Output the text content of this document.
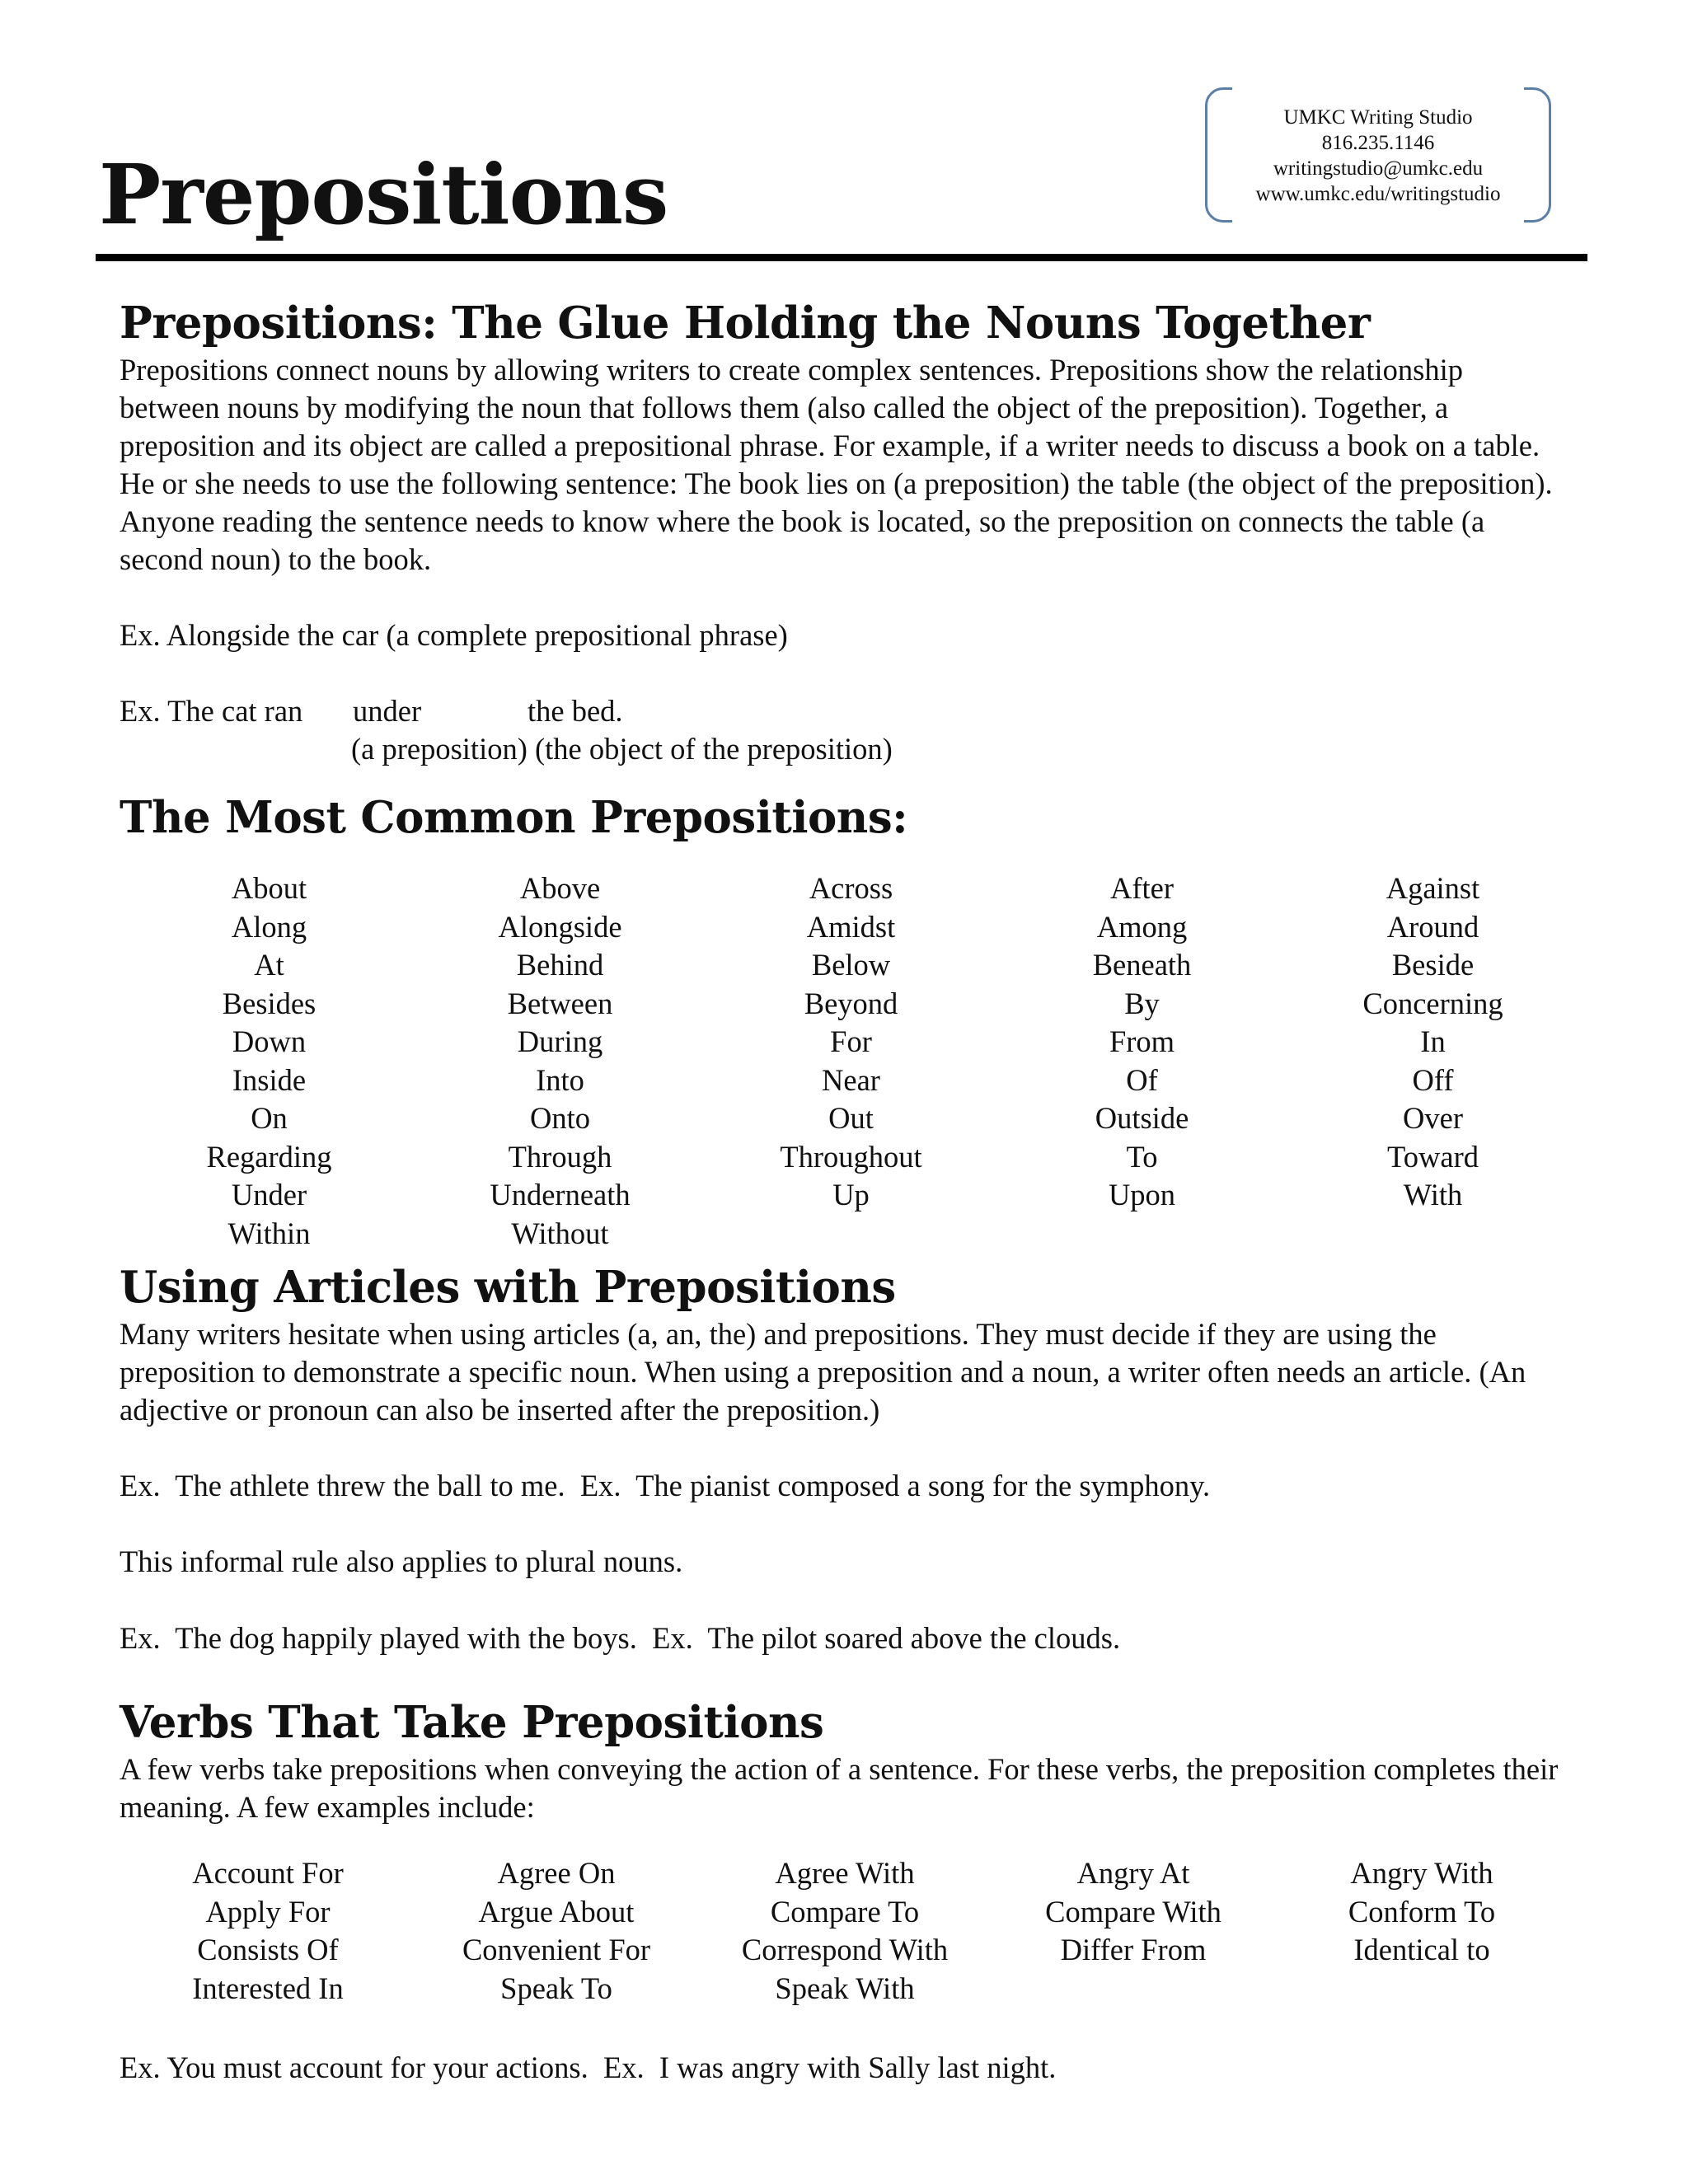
UMKC Writing Studio
816.235.1146
writingstudio@umkc.edu
www.umkc.edu/writingstudio
Prepositions
Prepositions: The Glue Holding the Nouns Together

Prepositions connect nouns by allowing writers to create complex sentences. Prepositions show the relationship between nouns by modifying the noun that follows them (also called the object of the preposition). Together, a preposition and its object are called a prepositional phrase. For example, if a writer needs to discuss a book on a table. He or she needs to use the following sentence: The book lies on (a preposition) the table (the object of the preposition). Anyone reading the sentence needs to know where the book is located, so the preposition on connects the table (a second noun) to the book.

Ex. Alongside the car (a complete prepositional phrase)

Ex. The cat ran under	the bed.
(a preposition) (the object of the preposition)
The Most Common Prepositions:
About	Above	Across	After	Against
Along	Alongside	Amidst	Among	Around
At	Behind	Below	Beneath	Beside
Besides	Between	Beyond	By	Concerning
Down	During	For	From	In
Inside	Into	Near	Of	Off
On	Onto	Out	Outside	Over
Regarding	Through	Throughout	To	Toward
Under	Underneath	Up	Upon	With
Within	Without

Using Articles with Prepositions

Many writers hesitate when using articles (a, an, the) and prepositions. They must decide if they are using the preposition to demonstrate a specific noun. When using a preposition and a noun, a writer often needs an article. (An adjective or pronoun can also be inserted after the preposition.)

Ex.  The athlete threw the ball to me.  Ex.  The pianist composed a song for the symphony.

This informal rule also applies to plural nouns.

Ex.  The dog happily played with the boys.  Ex.  The pilot soared above the clouds.

Verbs That Take Prepositions

A few verbs take prepositions when conveying the action of a sentence. For these verbs, the preposition completes their meaning. A few examples include:

Account For	Agree On	Agree With	Angry At	Angry With
Apply For	Argue About	Compare To	Compare With	Conform To
Consists Of	Convenient For	Correspond With	Differ From	Identical to
Interested In	Speak To	Speak With

Ex. You must account for your actions.  Ex.  I was angry with Sally last night.
